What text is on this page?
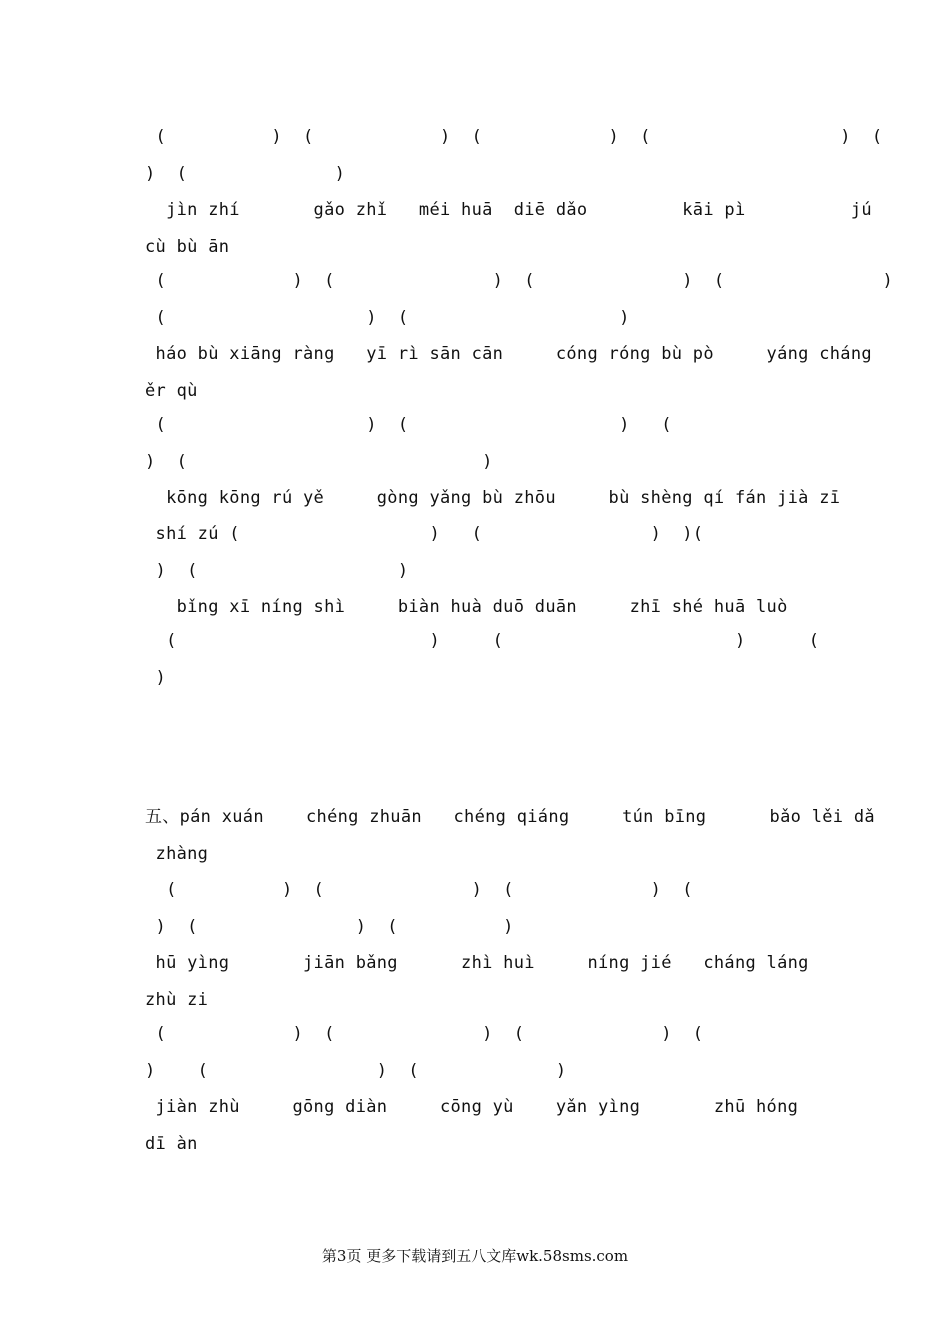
(          )  (            )  (            )  (                  )  (
)  (              )
jìn zhí       gǎo zhǐ   méi huā  diē dǎo         kāi pì          jú
cù bù ān
(            )  (               )  (              )  (               )
(                   )  (                    )
háo bù xiāng ràng   yī rì sān cān     cóng róng bù pò     yáng cháng
ěr qù
(                   )  (                    )   (
)  (                            )
kōng kōng rú yě     gòng yǎng bù zhōu     bù shèng qí fán jià zī
shí zú (                  )   (                )  )(
)  (                   )
bǐng xī níng shì     biàn huà duō duān     zhī shé huā luò
(                        )     (                      )      (
)
五、pán xuán    chéng zhuān   chéng qiáng     tún bīng      bǎo lěi dǎ
zhàng
(          )  (              )  (             )  (
)  (               )  (          )
hū yìng       jiān bǎng      zhì huì     níng jié   cháng láng
zhù zi
(            )  (              )  (             )  (
)    (                )  (             )
jiàn zhù     gōng diàn     cōng yù    yǎn yìng       zhū hóng
dī àn
第3页 更多下载请到五八文库wk.58sms.com
